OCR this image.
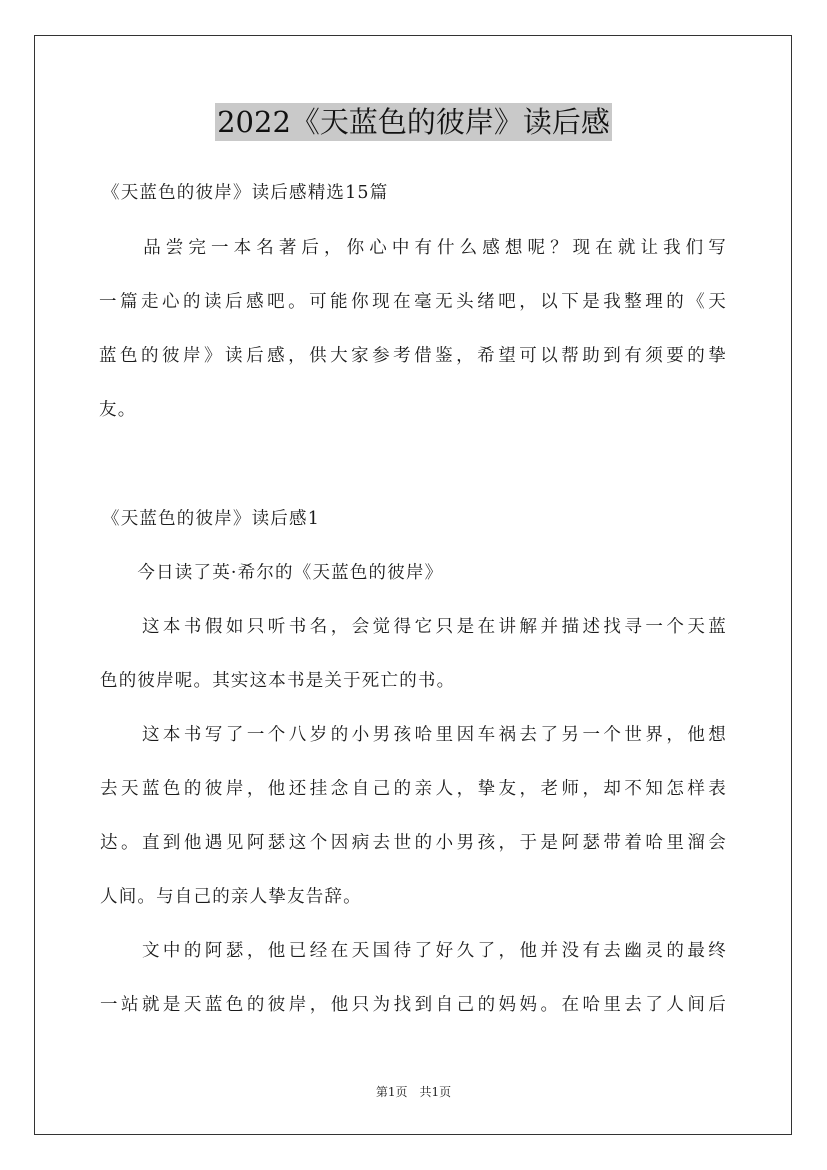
2022《天蓝色的彼岸》读后感
《天蓝色的彼岸》读后感精选15篇
　　品尝完一本名著后，你心中有什么感想呢？现在就让我们写
一篇走心的读后感吧。可能你现在毫无头绪吧，以下是我整理的《天
蓝色的彼岸》读后感，供大家参考借鉴，希望可以帮助到有须要的挚
友。
《天蓝色的彼岸》读后感1
　　今日读了英·希尔的《天蓝色的彼岸》
　　这本书假如只听书名，会觉得它只是在讲解并描述找寻一个天蓝
色的彼岸呢。其实这本书是关于死亡的书。
　　这本书写了一个八岁的小男孩哈里因车祸去了另一个世界，他想
去天蓝色的彼岸，他还挂念自己的亲人，挚友，老师，却不知怎样表
达。直到他遇见阿瑟这个因病去世的小男孩，于是阿瑟带着哈里溜会
人间。与自己的亲人挚友告辞。
　　文中的阿瑟，他已经在天国待了好久了，他并没有去幽灵的最终
一站就是天蓝色的彼岸，他只为找到自己的妈妈。在哈里去了人间后
第1页　共1页
